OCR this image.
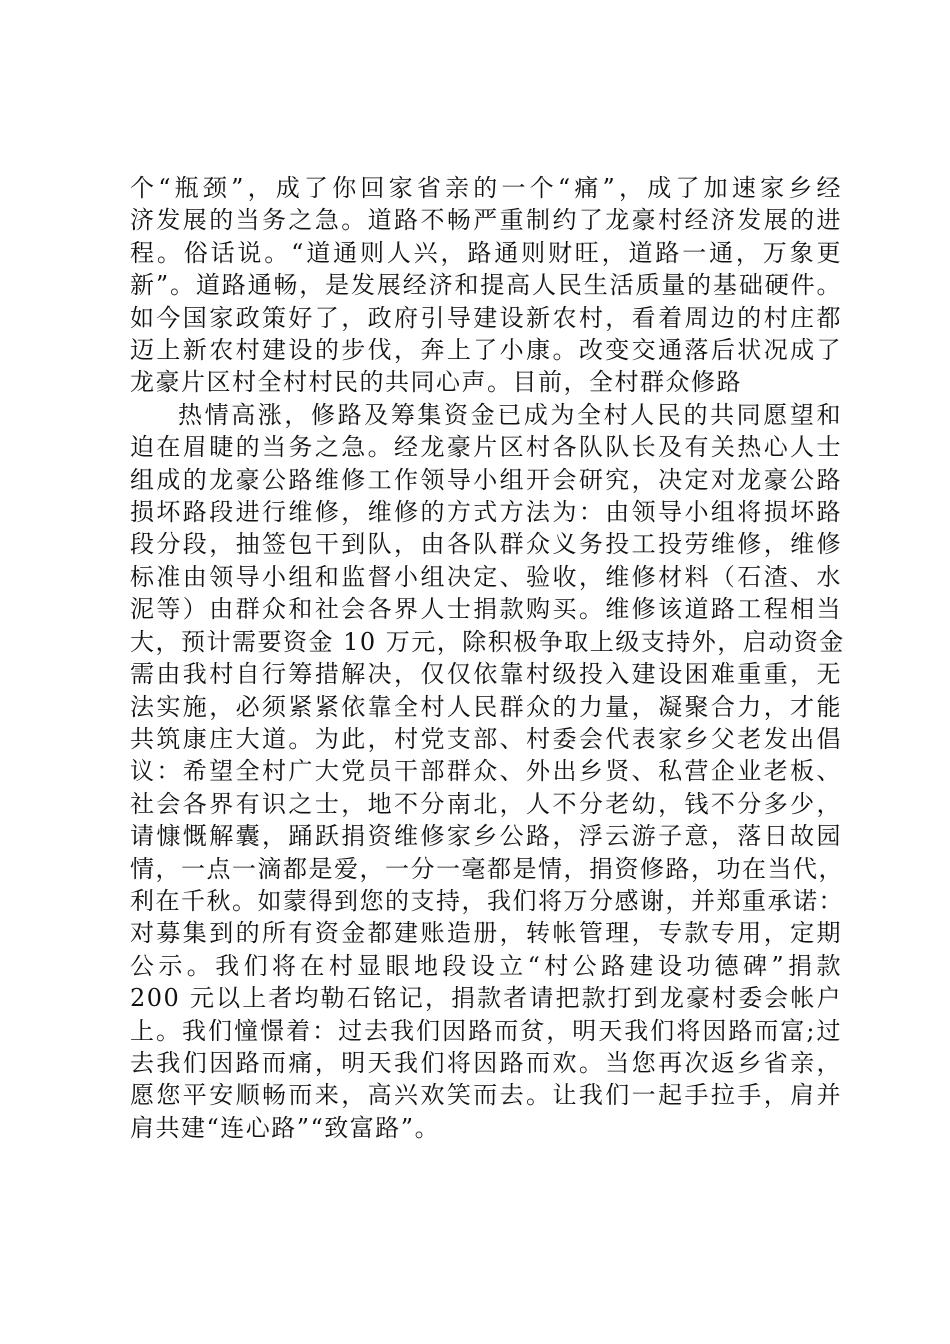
个“瓶颈”，成了你回家省亲的一个“痛”，成了加速家乡经
济发展的当务之急。道路不畅严重制约了龙豪村经济发展的进
程。俗话说。“道通则人兴，路通则财旺，道路一通，万象更
新”。道路通畅，是发展经济和提高人民生活质量的基础硬件。
如今国家政策好了，政府引导建设新农村，看着周边的村庄都
迈上新农村建设的步伐，奔上了小康。改变交通落后状况成了
龙豪片区村全村村民的共同心声。目前，全村群众修路
热情高涨，修路及筹集资金已成为全村人民的共同愿望和
迫在眉睫的当务之急。经龙豪片区村各队队长及有关热心人士
组成的龙豪公路维修工作领导小组开会研究，决定对龙豪公路
损坏路段进行维修，维修的方式方法为：由领导小组将损坏路
段分段，抽签包干到队，由各队群众义务投工投劳维修，维修
标准由领导小组和监督小组决定、验收，维修材料（石渣、水
泥等）由群众和社会各界人士捐款购买。维修该道路工程相当
大，预计需要资金 10 万元，除积极争取上级支持外，启动资金
需由我村自行筹措解决，仅仅依靠村级投入建设困难重重，无
法实施，必须紧紧依靠全村人民群众的力量，凝聚合力，才能
共筑康庄大道。为此，村党支部、村委会代表家乡父老发出倡
议：希望全村广大党员干部群众、外出乡贤、私营企业老板、
社会各界有识之士，地不分南北，人不分老幼，钱不分多少，
请慷慨解囊，踊跃捐资维修家乡公路，浮云游子意，落日故园
情，一点一滴都是爱，一分一毫都是情，捐资修路，功在当代，
利在千秋。如蒙得到您的支持，我们将万分感谢，并郑重承诺：
对募集到的所有资金都建账造册，转帐管理，专款专用，定期
公示。我们将在村显眼地段设立“村公路建设功德碑”捐款
200 元以上者均勒石铭记，捐款者请把款打到龙豪村委会帐户
上。我们憧憬着：过去我们因路而贫，明天我们将因路而富;过
去我们因路而痛，明天我们将因路而欢。当您再次返乡省亲，
愿您平安顺畅而来，高兴欢笑而去。让我们一起手拉手，肩并
肩共建“连心路”“致富路”。
